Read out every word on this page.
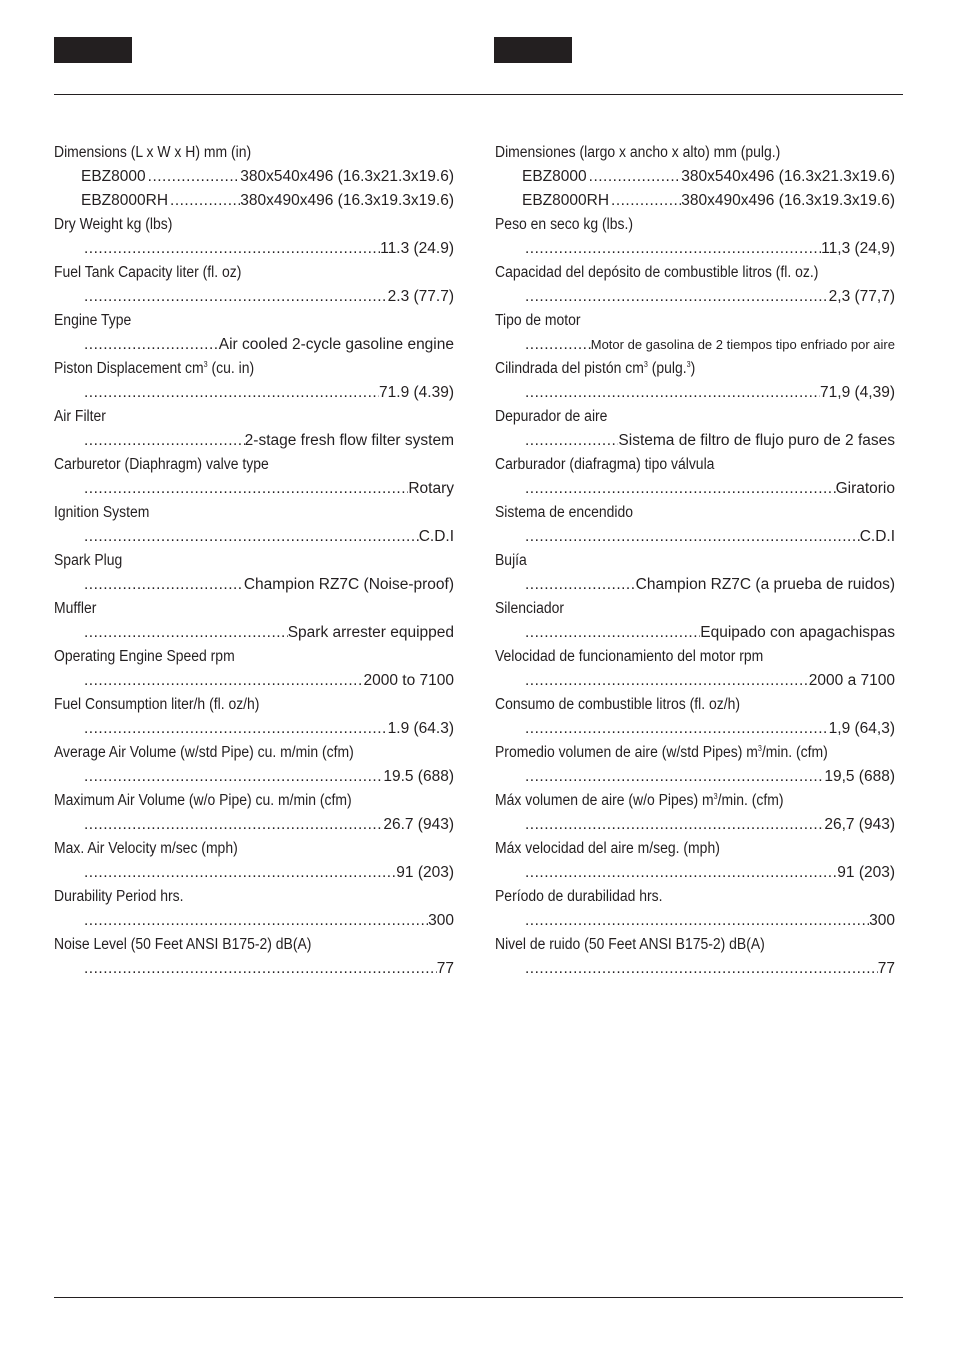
Dimensions (L x W x H) mm (in)
EBZ8000 .....	380x540x496 (16.3x21.3x19.6)
EBZ8000RH .....	380x490x496 (16.3x19.3x19.6)
Dry Weight kg (lbs)
.....
11.3 (24.9)
Fuel Tank Capacity liter (fl. oz)
.....
2.3 (77.7)
Engine Type
.....
Air cooled 2-cycle gasoline engine
Piston Displacement $cm^3$ (cu. in)
.....
71.9 (4.39)
Air Filter
.....
2-stage fresh flow filter system
Carburetor (Diaphragm) valve type
.....
Rotary
Ignition System
.....
C.D.I
Spark Plug
.....
Champion RZ7C (Noise-proof)
Muffler
.....
Spark arrester equipped
Operating Engine Speed rpm
.....
2000 to 7100
Fuel Consumption liter/h (fl. oz/h)
.....
1.9 (64.3)
Average Air Volume (w/std Pipe) cu. m/min (cfm)
.....
19.5 (688)
Maximum Air Volume (w/o Pipe) cu. m/min (cfm)
.....
26.7 (943)
Max. Air Velocity m/sec (mph)
.....
91 (203)
Durability Period hrs.
.....
300
Noise Level (50 Feet ANSI B175-2) dB(A)
.....
77
Dimensiones (largo x ancho x alto) mm (pulg.)
EBZ8000 .....	380x540x496 (16.3x21.3x19.6)
EBZ8000RH .....	380x490x496 (16.3x19.3x19.6)
Peso en seco kg (lbs.)
.....
11,3 (24,9)
Capacidad del depósito de combustible litros (fl. oz.)
.....
2,3 (77,7)
Tipo de motor
.....
Motor de gasolina de 2 tiempos tipo enfriado por aire
Cilindrada del pistón $cm^3$ (pulg.$^3$)
.....
71,9 (4,39)
Depurador de aire
.....
Sistema de filtro de flujo puro de 2 fases
Carburador (diafragma) tipo válvula
.....
Giratorio
Sistema de encendido
.....
C.D.I
Bujía
.....
Champion RZ7C (a prueba de ruidos)
Silenciador
.....
Equipado con apagachispas
Velocidad de funcionamiento del motor rpm
.....
2000 a 7100
Consumo de combustible litros (fl. oz/h)
.....
1,9 (64,3)
Promedio volumen de aire (w/std Pipes) $m^3/\min$. (cfm)
.....
19,5 (688)
Máx volumen de aire (w/o Pipes) $m^3/\min$. (cfm)
.....
26,7 (943)
Máx velocidad del aire m/seg. (mph)
.....
91 (203)
Período de durabilidad hrs.
.....
300
Nivel de ruido (50 Feet ANSI B175-2) dB(A)
.....
77
